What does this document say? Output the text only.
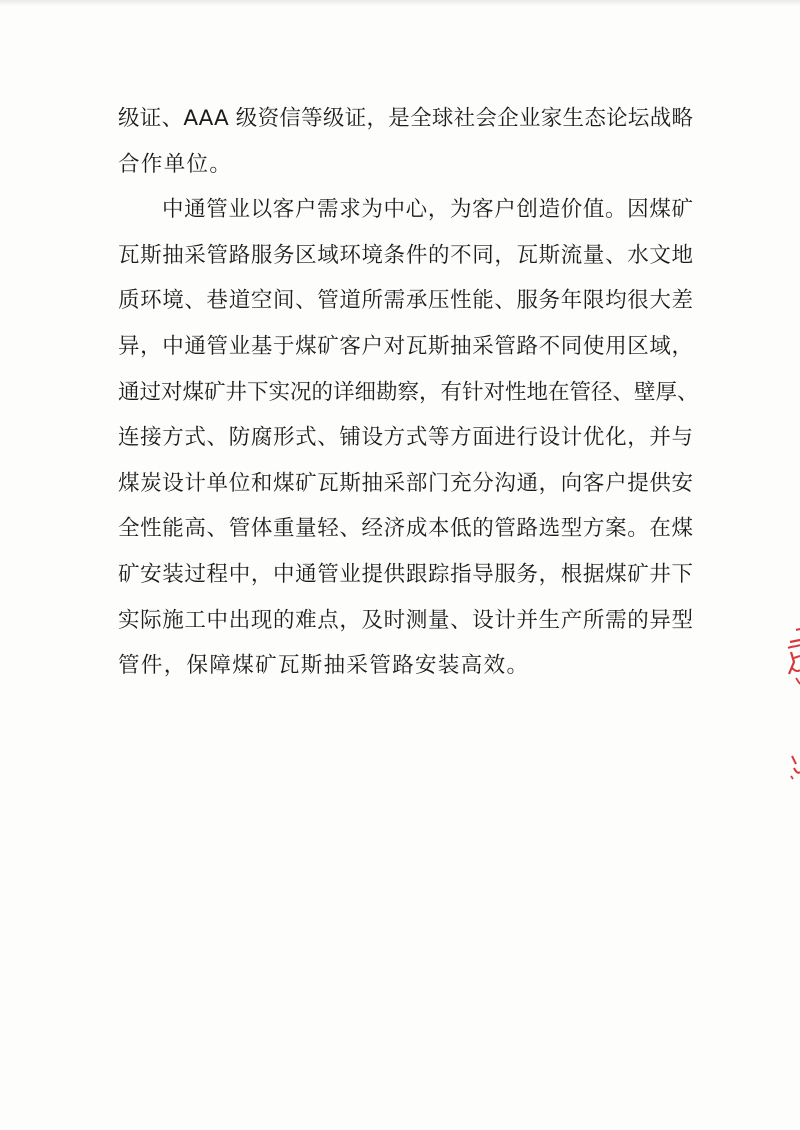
级证、AAA 级资信等级证，是全球社会企业家生态论坛战略
合作单位。
中通管业以客户需求为中心，为客户创造价值。因煤矿
瓦斯抽采管路服务区域环境条件的不同，瓦斯流量、水文地
质环境、巷道空间、管道所需承压性能、服务年限均很大差
异，中通管业基于煤矿客户对瓦斯抽采管路不同使用区域，
通过对煤矿井下实况的详细勘察，有针对性地在管径、壁厚、
连接方式、防腐形式、铺设方式等方面进行设计优化，并与
煤炭设计单位和煤矿瓦斯抽采部门充分沟通，向客户提供安
全性能高、管体重量轻、经济成本低的管路选型方案。在煤
矿安装过程中，中通管业提供跟踪指导服务，根据煤矿井下
实际施工中出现的难点，及时测量、设计并生产所需的异型
管件，保障煤矿瓦斯抽采管路安装高效。
